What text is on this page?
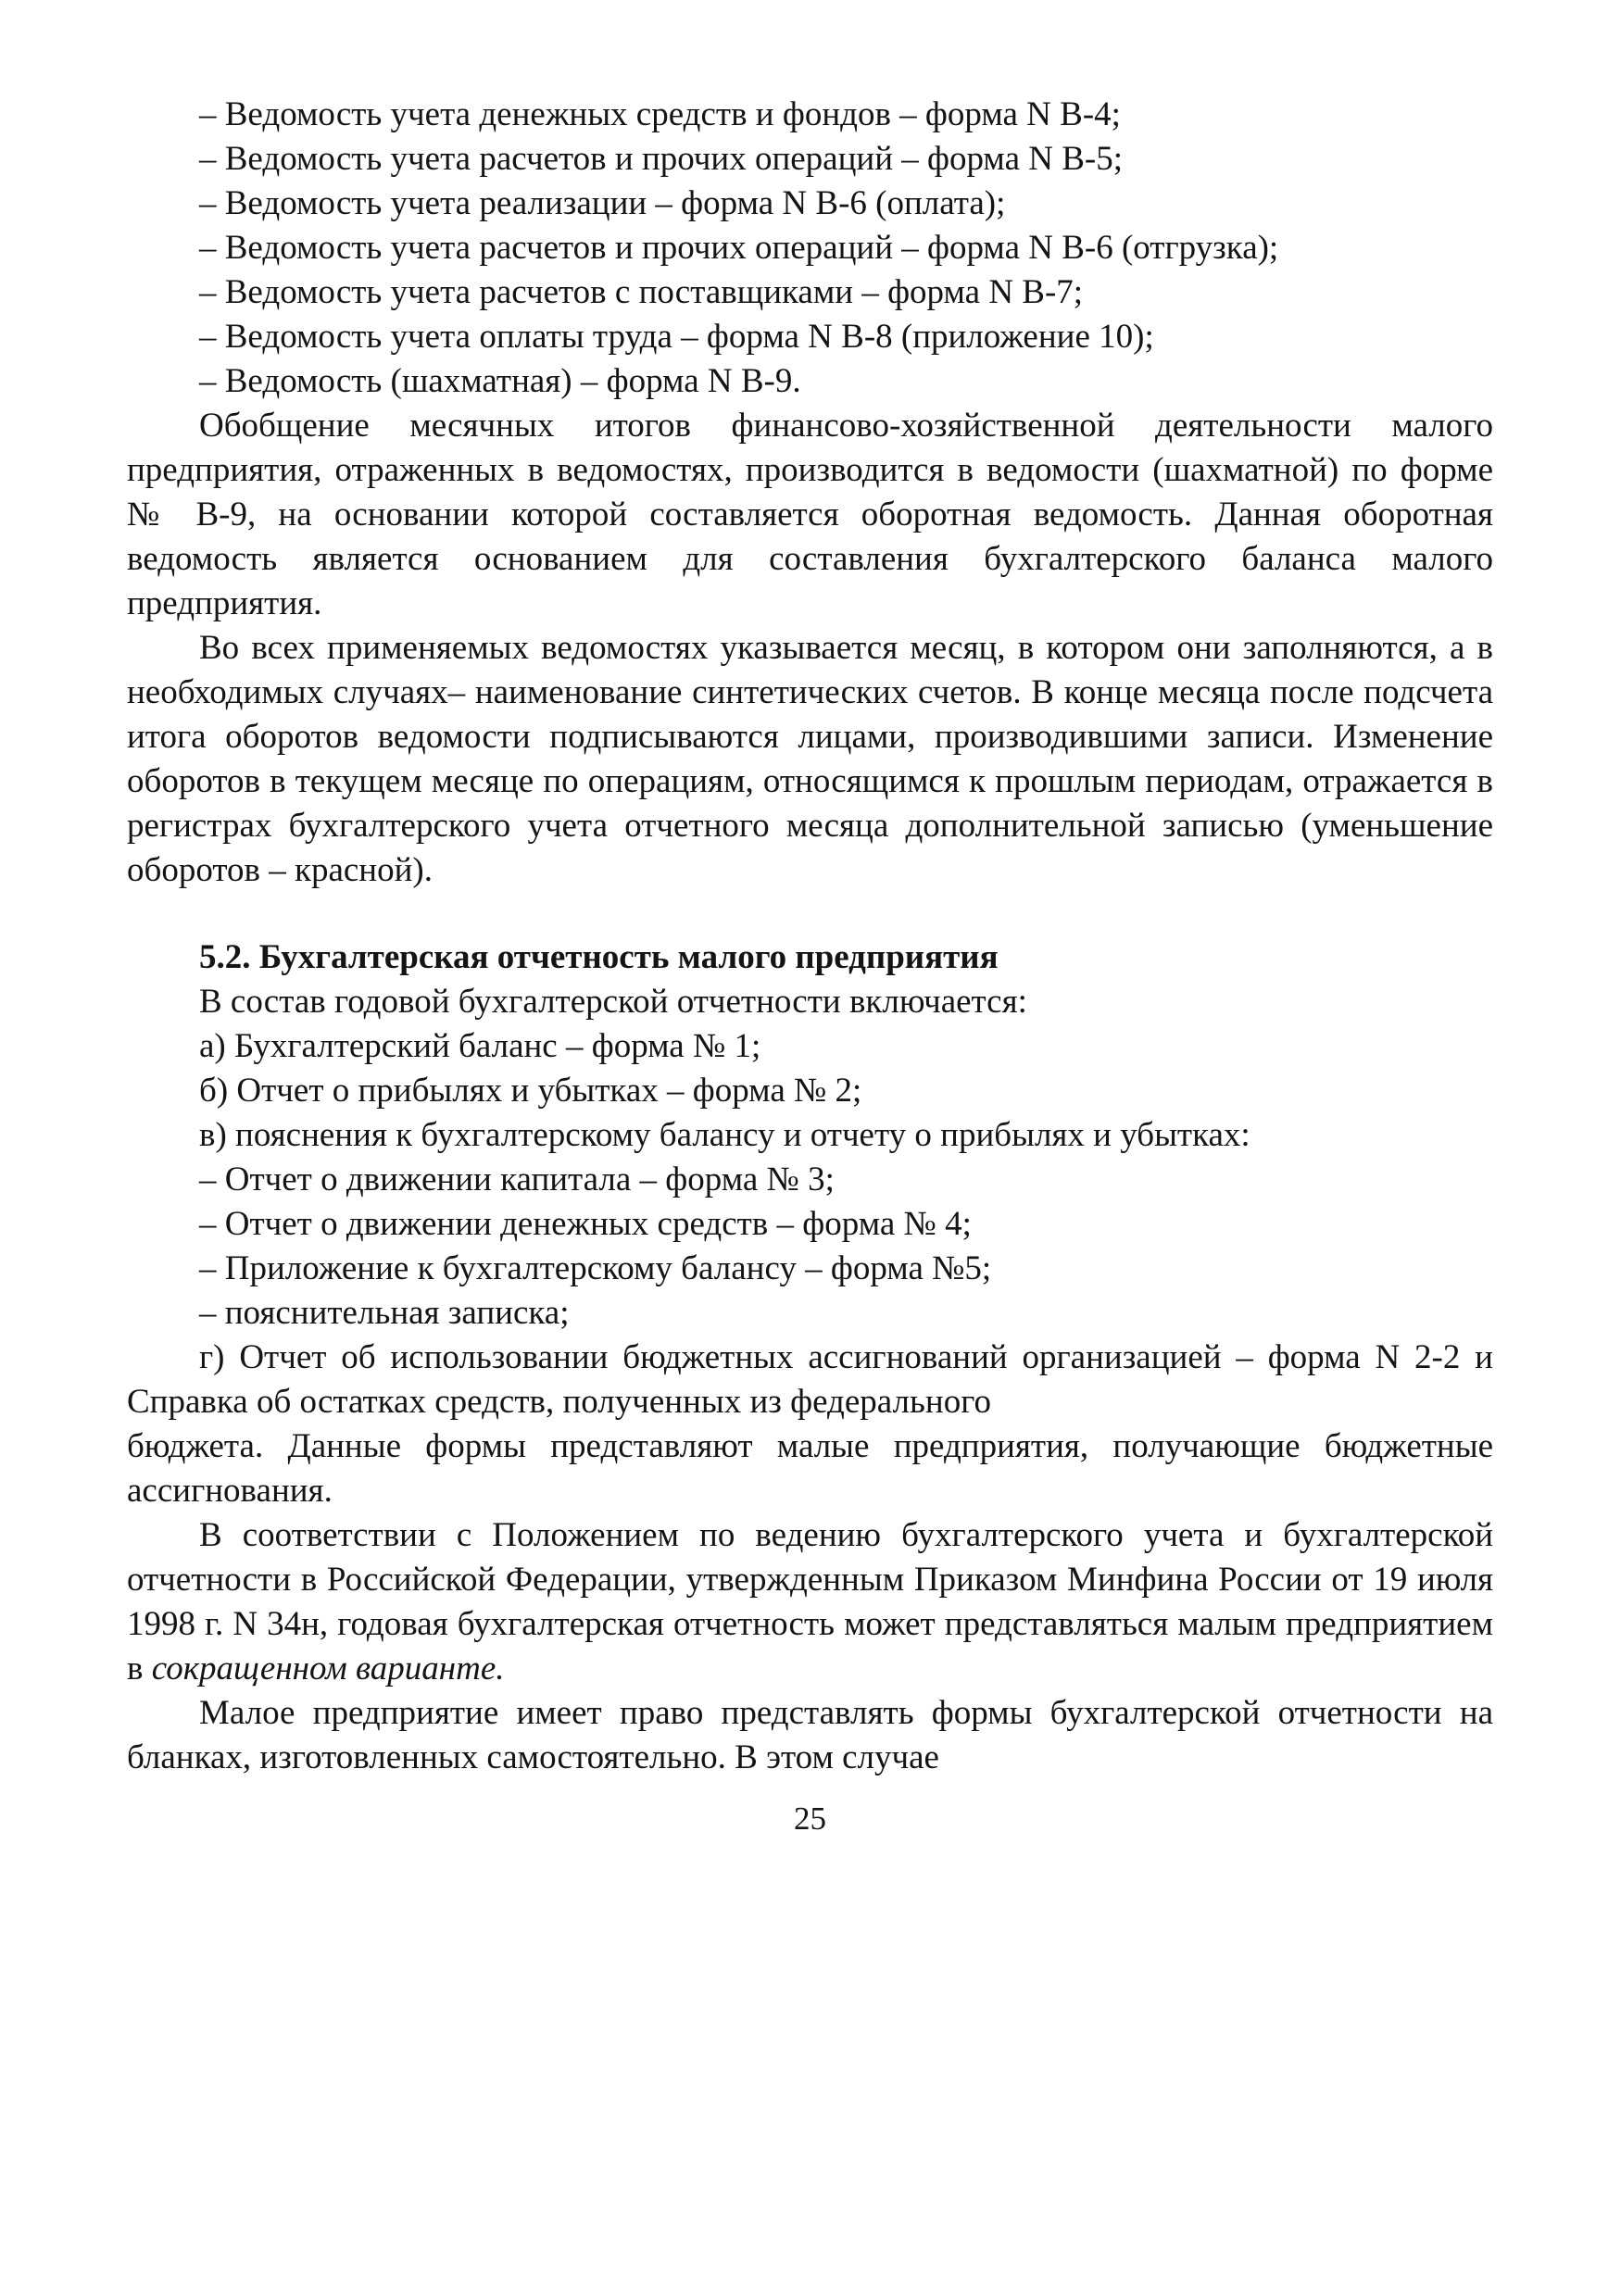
– Ведомость учета денежных средств и фондов – форма N В-4;

– Ведомость учета расчетов и прочих операций – форма N В-5;

– Ведомость учета реализации – форма N В-6 (оплата);

– Ведомость учета расчетов и прочих операций – форма N В-6 (отгрузка);

– Ведомость учета расчетов с поставщиками – форма N В-7;

– Ведомость учета оплаты труда – форма N В-8 (приложение 10);

– Ведомость (шахматная) – форма N В-9.

Обобщение месячных итогов финансово-хозяйственной деятельности малого предприятия, отраженных в ведомостях, производится в ведомости (шахматной) по форме № В-9, на основании которой составляется оборотная ведомость. Данная оборотная ведомость является основанием для составления бухгалтерского баланса малого предприятия.

Во всех применяемых ведомостях указывается месяц, в котором они заполняются, а в необходимых случаях– наименование синтетических счетов. В конце месяца после подсчета итога оборотов ведомости подписываются лицами, производившими записи. Изменение оборотов в текущем месяце по операциям, относящимся к прошлым периодам, отражается в регистрах бухгалтерского учета отчетного месяца дополнительной записью (уменьшение оборотов – красной).

5.2. Бухгалтерская отчетность малого предприятия

В состав годовой бухгалтерской отчетности включается:

а) Бухгалтерский баланс – форма № 1;

б) Отчет о прибылях и убытках – форма № 2;

в) пояснения к бухгалтерскому балансу и отчету о прибылях и убытках:

– Отчет о движении капитала – форма № 3;

– Отчет о движении денежных средств – форма № 4;

– Приложение к бухгалтерскому балансу – форма №5;

– пояснительная записка;

г) Отчет об использовании бюджетных ассигнований организацией – форма N 2-2 и Справка об остатках средств, полученных из федерального

бюджета. Данные формы представляют малые предприятия, получающие бюджетные ассигнования.

В соответствии с Положением по ведению бухгалтерского учета и бухгалтерской отчетности в Российской Федерации, утвержденным Приказом Минфина России от 19 июля 1998 г. N 34н, годовая бухгалтерская отчетность может представляться малым предприятием в сокращенном варианте.

Малое предприятие имеет право представлять формы бухгалтерской отчетности на бланках, изготовленных самостоятельно. В этом случае

25
